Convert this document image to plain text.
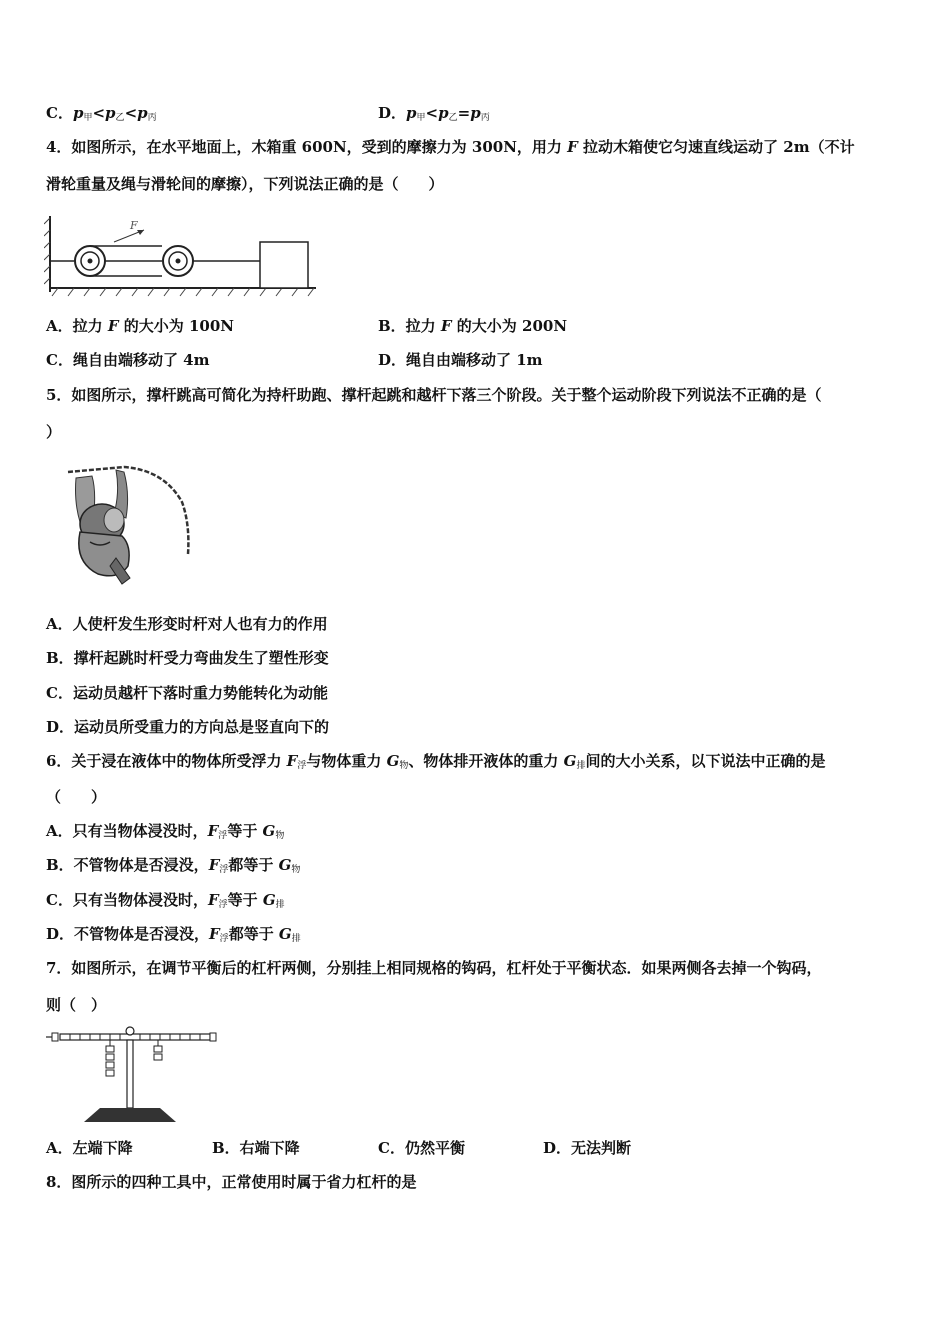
C．$p_甲<p_乙<p_丙$	D．$p_甲<p_乙=p_丙$
4．如图所示，在水平地面上，木箱重 600N，受到的摩擦力为 300N，用力 F 拉动木箱使它匀速直线运动了 2m（不计
滑轮重量及绳与滑轮间的摩擦），下列说法正确的是（　　）
F
A．拉力 F 的大小为 100N	B．拉力 F 的大小为 200N
C．绳自由端移动了 4m	D．绳自由端移动了 1m
5．如图所示，撑杆跳高可简化为持杆助跑、撑杆起跳和越杆下落三个阶段。关于整个运动阶段下列说法不正确的是（
）
A．人使杆发生形变时杆对人也有力的作用
B．撑杆起跳时杆受力弯曲发生了塑性形变
C．运动员越杆下落时重力势能转化为动能
D．运动员所受重力的方向总是竖直向下的
6．关于浸在液体中的物体所受浮力 $F_浮$与物体重力 $G_物$、物体排开液体的重力 $G_排$间的大小关系，以下说法中正确的是
（　　）
A．只有当物体浸没时，$F_浮$等于 $G_物$
B．不管物体是否浸没，$F_浮$都等于 $G_物$
C．只有当物体浸没时，$F_浮$等于 $G_排$
D．不管物体是否浸没，$F_浮$都等于 $G_排$
7．如图所示，在调节平衡后的杠杆两侧，分别挂上相同规格的钩码，杠杆处于平衡状态．如果两侧各去掉一个钩码，
则（　）
A．左端下降	B．右端下降	C．仍然平衡	D．无法判断
8．图所示的四种工具中，正常使用时属于省力杠杆的是
